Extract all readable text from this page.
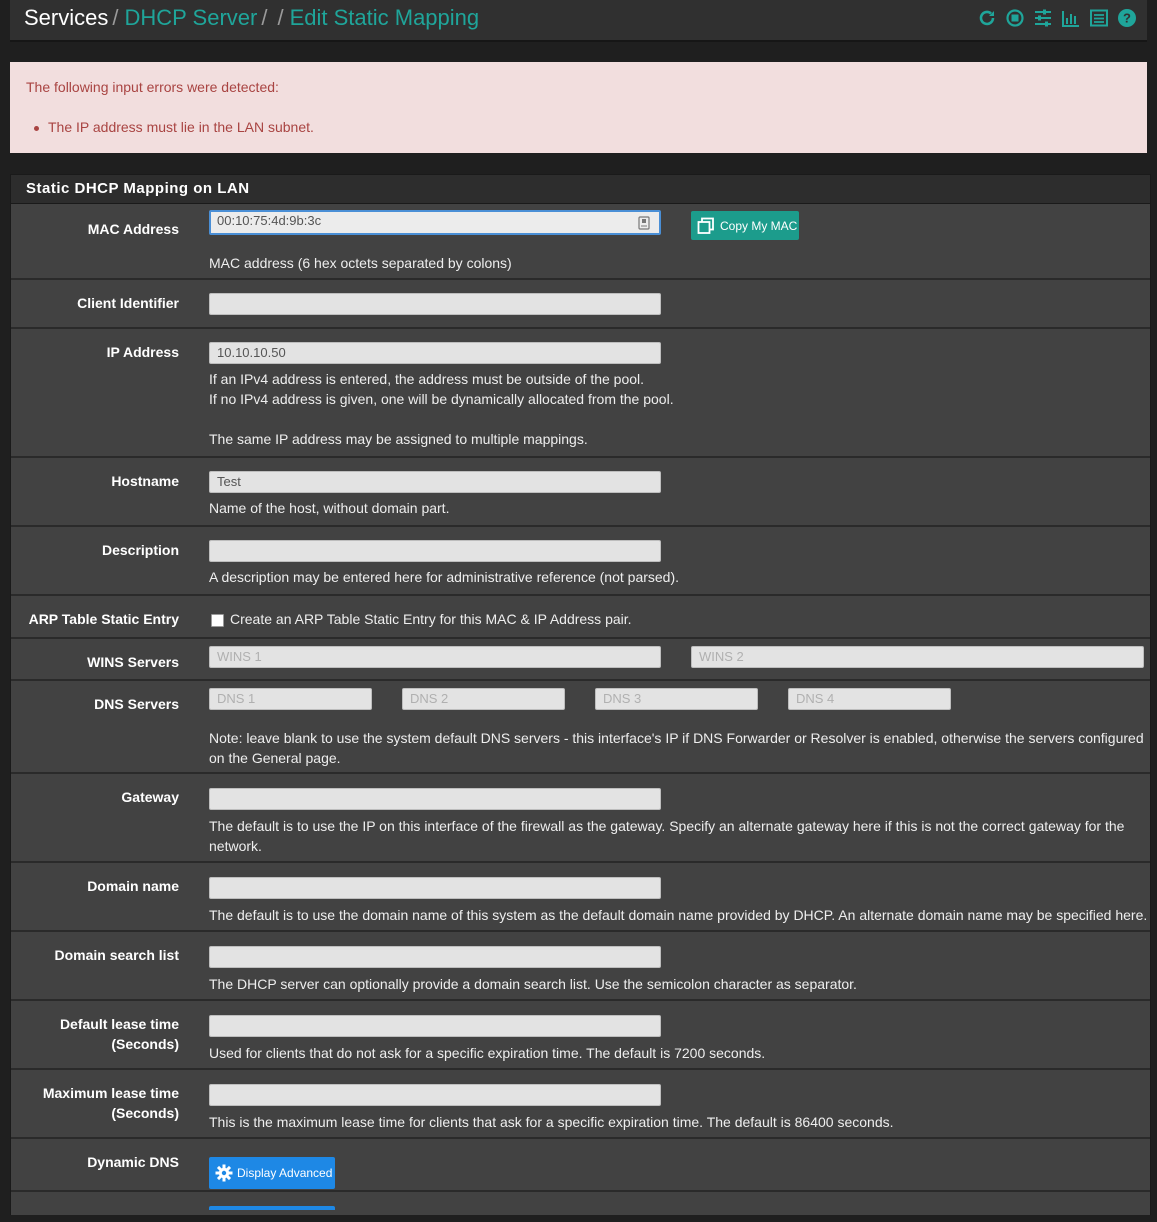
Services / DHCP Server / / Edit Static Mapping	?
The following input errors were detected:
The IP address must lie in the LAN subnet.
Static DHCP Mapping on LAN
MAC Address
00:10:75:4d:9b:3c	Copy My MAC
MAC address (6 hex octets separated by colons)
Client Identifier
IP Address	10.10.10.50
If an IPv4 address is entered, the address must be outside of the pool.
If no IPv4 address is given, one will be dynamically allocated from the pool.
The same IP address may be assigned to multiple mappings.
Hostname	Test
Name of the host, without domain part.
Description
A description may be entered here for administrative reference (not parsed).
ARP Table Static Entry	Create an ARP Table Static Entry for this MAC & IP Address pair.
WINS Servers	WINS 1	WINS 2
DNS Servers	DNS 1	DNS 2	DNS 3	DNS 4
Note: leave blank to use the system default DNS servers - this interface's IP if DNS Forwarder or Resolver is enabled, otherwise the servers configured
on the General page.
Gateway
The default is to use the IP on this interface of the firewall as the gateway. Specify an alternate gateway here if this is not the correct gateway for the
network.
Domain name
The default is to use the domain name of this system as the default domain name provided by DHCP. An alternate domain name may be specified here.
Domain search list
The DHCP server can optionally provide a domain search list. Use the semicolon character as separator.
Default lease time
(Seconds)
Used for clients that do not ask for a specific expiration time. The default is 7200 seconds.
Maximum lease time
(Seconds)
This is the maximum lease time for clients that ask for a specific expiration time. The default is 86400 seconds.
Dynamic DNS
Display Advanced
